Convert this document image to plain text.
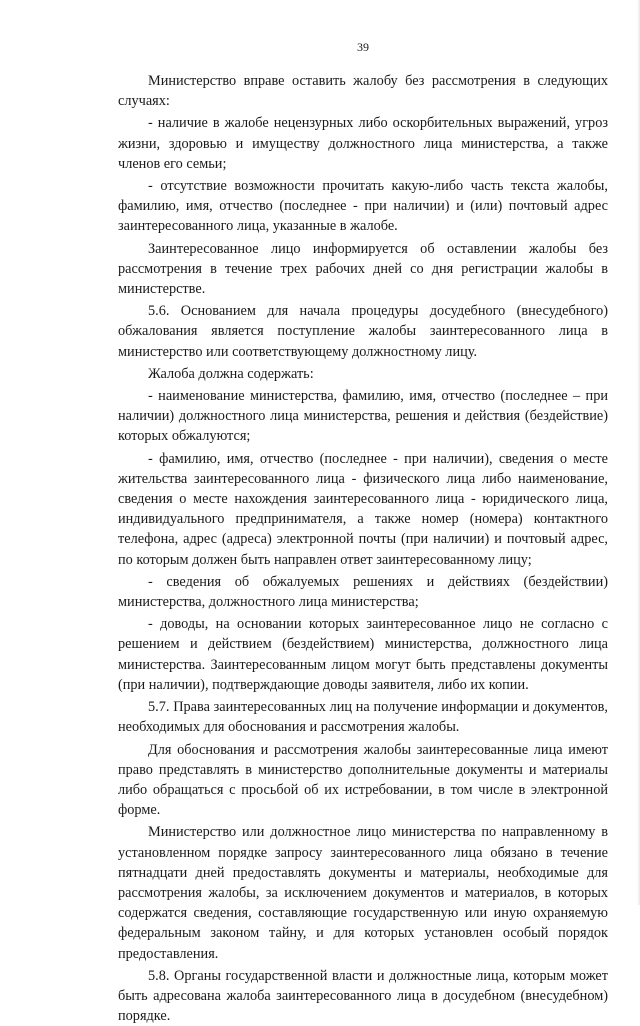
39

Министерство вправе оставить жалобу без рассмотрения в следующих случаях:

- наличие в жалобе нецензурных либо оскорбительных выражений, угроз жизни, здоровью и имуществу должностного лица министерства, а также членов его семьи;

- отсутствие возможности прочитать какую-либо часть текста жалобы, фамилию, имя, отчество (последнее - при наличии) и (или) почтовый адрес заинтересованного лица, указанные в жалобе.

Заинтересованное лицо информируется об оставлении жалобы без рассмотрения в течение трех рабочих дней со дня регистрации жалобы в министерстве.

5.6. Основанием для начала процедуры досудебного (внесудебного) обжалования является поступление жалобы заинтересованного лица в министерство или соответствующему должностному лицу.

Жалоба должна содержать:

- наименование министерства, фамилию, имя, отчество (последнее – при наличии) должностного лица министерства, решения и действия (бездействие) которых обжалуются;

- фамилию, имя, отчество (последнее - при наличии), сведения о месте жительства заинтересованного лица - физического лица либо наименование, сведения о месте нахождения заинтересованного лица - юридического лица, индивидуального предпринимателя, а также номер (номера) контактного телефона, адрес (адреса) электронной почты (при наличии) и почтовый адрес, по которым должен быть направлен ответ заинтересованному лицу;

- сведения об обжалуемых решениях и действиях (бездействии) министерства, должностного лица министерства;

- доводы, на основании которых заинтересованное лицо не согласно с решением и действием (бездействием) министерства, должностного лица министерства. Заинтересованным лицом могут быть представлены документы (при наличии), подтверждающие доводы заявителя, либо их копии.

5.7. Права заинтересованных лиц на получение информации и документов, необходимых для обоснования и рассмотрения жалобы.

Для обоснования и рассмотрения жалобы заинтересованные лица имеют право представлять в министерство дополнительные документы и материалы либо обращаться с просьбой об их истребовании, в том числе в электронной форме.

Министерство или должностное лицо министерства по направленному в установленном порядке запросу заинтересованного лица обязано в течение пятнадцати дней предоставлять документы и материалы, необходимые для рассмотрения жалобы, за исключением документов и материалов, в которых содержатся сведения, составляющие государственную или иную охраняемую федеральным законом тайну, и для которых установлен особый порядок предоставления.

5.8. Органы государственной власти и должностные лица, которым может быть адресована жалоба заинтересованного лица в досудебном (внесудебном) порядке.
